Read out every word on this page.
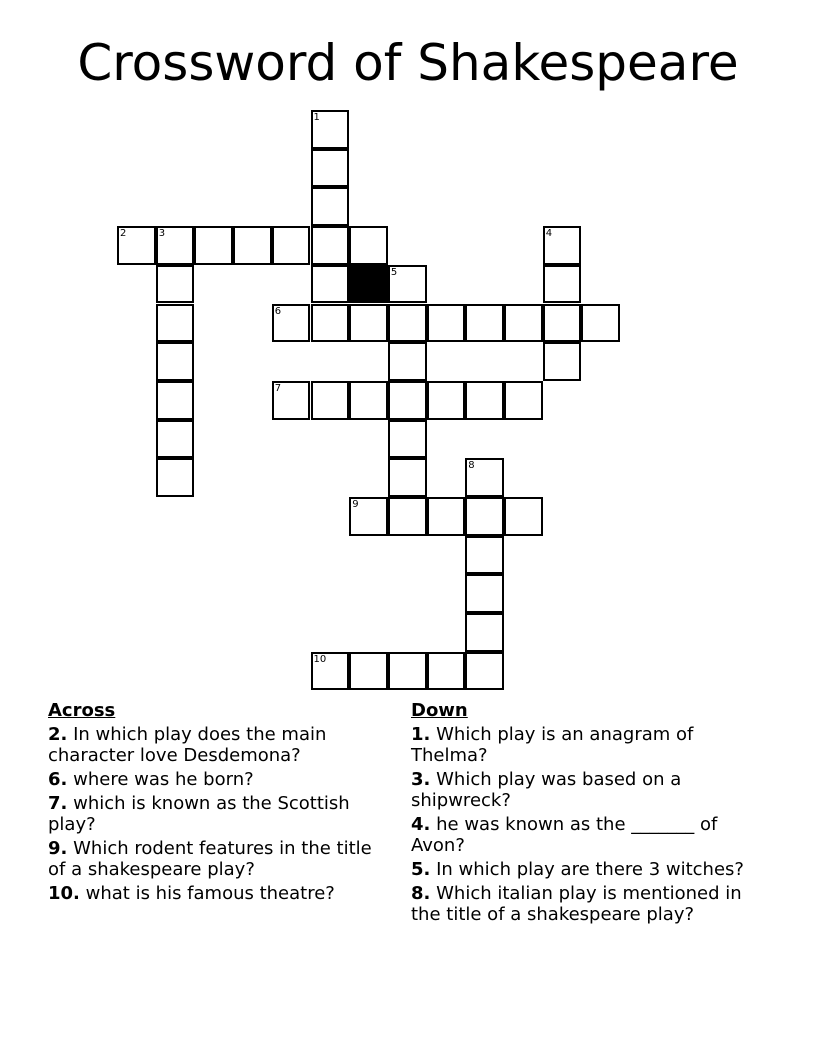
Crossword of Shakespeare
1
2	3	4
5
6
7
8
9
10
Across
2. In which play does the main character love Desdemona?
6. where was he born?
7. which is known as the Scottish play?
9. Which rodent features in the title of a shakespeare play?
10. what is his famous theatre?
Down
1. Which play is an anagram of Thelma?
3. Which play was based on a shipwreck?
4. he was known as the _______ of Avon?
5. In which play are there 3 witches?
8. Which italian play is mentioned in the title of a shakespeare play?
